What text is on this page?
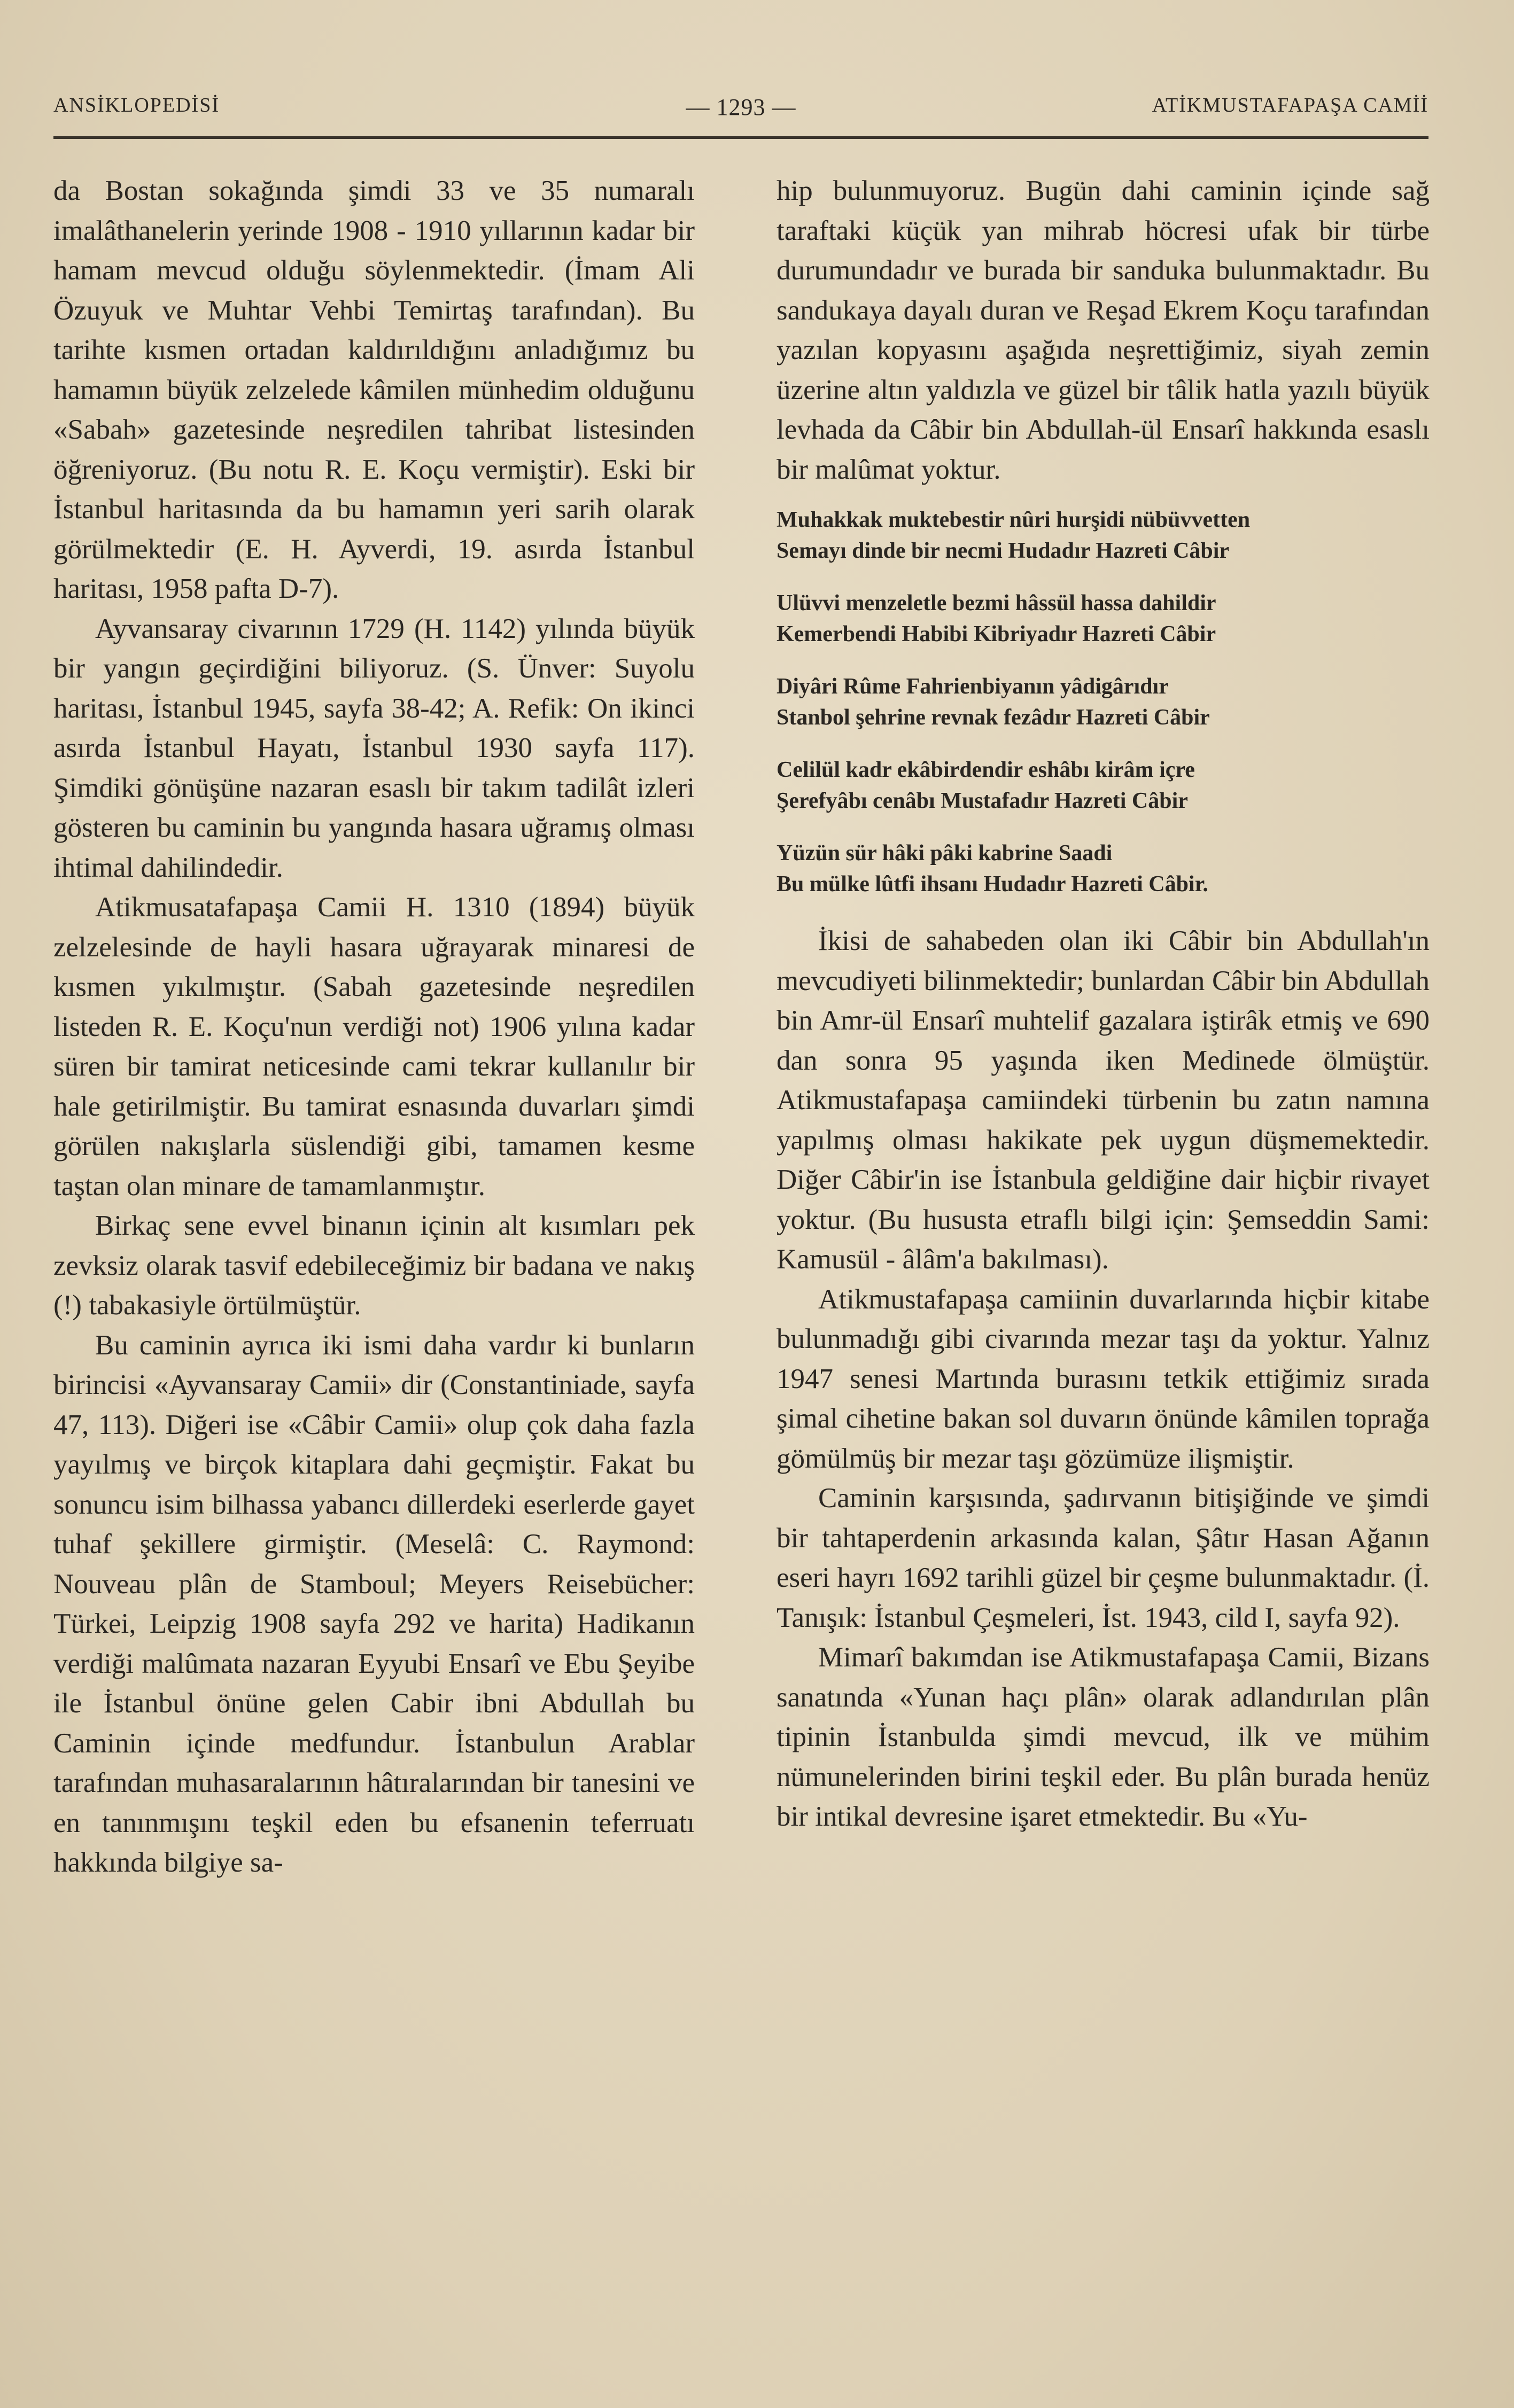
ANSİKLOPEDİSİ	— 1293 —	ATİKMUSTAFAPAŞA CAMİİ

da Bostan sokağında şimdi 33 ve 35 numaralı imalâthanelerin yerinde 1908 - 1910 yıllarının kadar bir hamam mevcud olduğu söylenmektedir. (İmam Ali Özuyuk ve Muhtar Vehbi Temirtaş tarafından). Bu tarihte kısmen ortadan kaldırıldığını anladığımız bu hamamın büyük zelzelede kâmilen münhedim olduğunu «Sabah» gazetesinde neşredilen tahribat listesinden öğreniyoruz. (Bu notu R. E. Koçu vermiştir). Eski bir İstanbul haritasında da bu hamamın yeri sarih olarak görülmektedir (E. H. Ayverdi, 19. asırda İstanbul haritası, 1958 pafta D-7).

Ayvansaray civarının 1729 (H. 1142) yılında büyük bir yangın geçirdiğini biliyoruz. (S. Ünver: Suyolu haritası, İstanbul 1945, sayfa 38-42; A. Refik: On ikinci asırda İstanbul Hayatı, İstanbul 1930 sayfa 117). Şimdiki gönüşüne nazaran esaslı bir takım tadilât izleri gösteren bu caminin bu yangında hasara uğramış olması ihtimal dahilindedir.

Atikmusatafapaşa Camii H. 1310 (1894) büyük zelzelesinde de hayli hasara uğrayarak minaresi de kısmen yıkılmıştır. (Sabah gazetesinde neşredilen listeden R. E. Koçu'nun verdiği not) 1906 yılına kadar süren bir tamirat neticesinde cami tekrar kullanılır bir hale getirilmiştir. Bu tamirat esnasında duvarları şimdi görülen nakışlarla süslendiği gibi, tamamen kesme taştan olan minare de tamamlanmıştır.

Birkaç sene evvel binanın içinin alt kısımları pek zevksiz olarak tasvif edebileceğimiz bir badana ve nakış (!) tabakasiyle örtülmüştür.

Bu caminin ayrıca iki ismi daha vardır ki bunların birincisi «Ayvansaray Camii» dir (Constantiniade, sayfa 47, 113). Diğeri ise «Câbir Camii» olup çok daha fazla yayılmış ve birçok kitaplara dahi geçmiştir. Fakat bu sonuncu isim bilhassa yabancı dillerdeki eserlerde gayet tuhaf şekillere girmiştir. (Meselâ: C. Raymond: Nouveau plân de Stamboul; Meyers Reisebücher: Türkei, Leipzig 1908 sayfa 292 ve harita) Hadikanın verdiği malûmata nazaran Eyyubi Ensarî ve Ebu Şeyibe ile İstanbul önüne gelen Cabir ibni Abdullah bu Caminin içinde medfundur. İstanbulun Arablar tarafından muhasaralarının hâtıralarından bir tanesini ve en tanınmışını teşkil eden bu efsanenin teferruatı hakkında bilgiye sa-

hip bulunmuyoruz. Bugün dahi caminin içinde sağ taraftaki küçük yan mihrab höcresi ufak bir türbe durumundadır ve burada bir sanduka bulunmaktadır. Bu sandukaya dayalı duran ve Reşad Ekrem Koçu tarafından yazılan kopyasını aşağıda neşrettiğimiz, siyah zemin üzerine altın yaldızla ve güzel bir tâlik hatla yazılı büyük levhada da Câbir bin Abdullah-ül Ensarî hakkında esaslı bir malûmat yoktur.

Muhakkak muktebestir nûri hurşidi nübüvvetten
Semayı dinde bir necmi Hudadır Hazreti Câbir
Ulüvvi menzeletle bezmi hâssül hassa dahildir
Kemerbendi Habibi Kibriyadır Hazreti Câbir
Diyâri Rûme Fahrienbiyanın yâdigârıdır
Stanbol şehrine revnak fezâdır Hazreti Câbir
Celilül kadr ekâbirdendir eshâbı kirâm içre
Şerefyâbı cenâbı Mustafadır Hazreti Câbir
Yüzün sür hâki pâki kabrine Saadi
Bu mülke lûtfi ihsanı Hudadır Hazreti Câbir.

İkisi de sahabeden olan iki Câbir bin Abdullah'ın mevcudiyeti bilinmektedir; bunlardan Câbir bin Abdullah bin Amr-ül Ensarî muhtelif gazalara iştirâk etmiş ve 690 dan sonra 95 yaşında iken Medinede ölmüştür. Atikmustafapaşa camiindeki türbenin bu zatın namına yapılmış olması hakikate pek uygun düşmemektedir. Diğer Câbir'in ise İstanbula geldiğine dair hiçbir rivayet yoktur. (Bu hususta etraflı bilgi için: Şemseddin Sami: Kamusül - âlâm'a bakılması).

Atikmustafapaşa camiinin duvarlarında hiçbir kitabe bulunmadığı gibi civarında mezar taşı da yoktur. Yalnız 1947 senesi Martında burasını tetkik ettiğimiz sırada şimal cihetine bakan sol duvarın önünde kâmilen toprağa gömülmüş bir mezar taşı gözümüze ilişmiştir.

Caminin karşısında, şadırvanın bitişiğinde ve şimdi bir tahtaperdenin arkasında kalan, Şâtır Hasan Ağanın eseri hayrı 1692 tarihli güzel bir çeşme bulunmaktadır. (İ. Tanışık: İstanbul Çeşmeleri, İst. 1943, cild I, sayfa 92).

Mimarî bakımdan ise Atikmustafapaşa Camii, Bizans sanatında «Yunan haçı plân» olarak adlandırılan plân tipinin İstanbulda şimdi mevcud, ilk ve mühim nümunelerinden birini teşkil eder. Bu plân burada henüz bir intikal devresine işaret etmektedir. Bu «Yu-
